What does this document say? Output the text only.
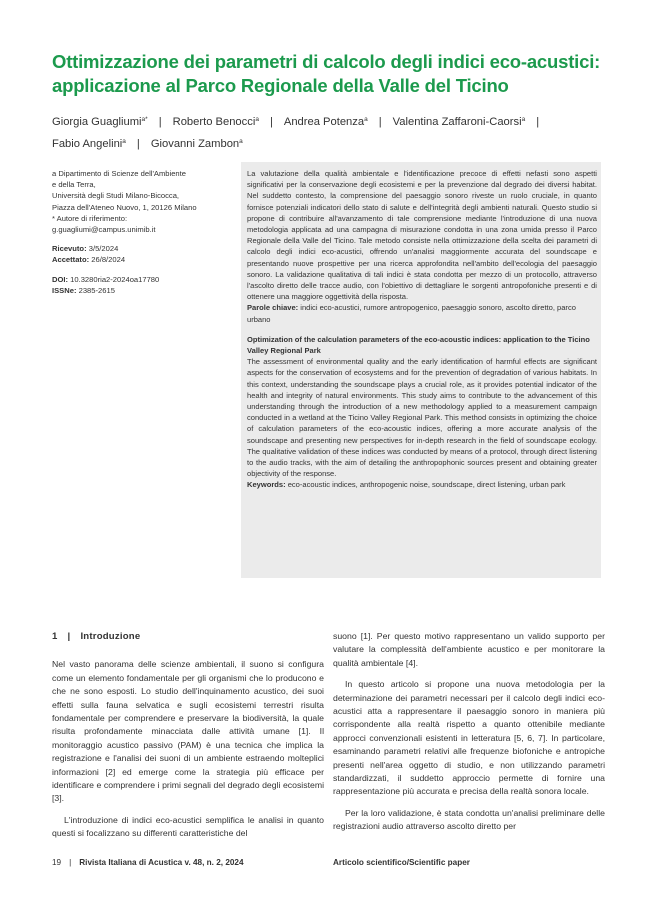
Ottimizzazione dei parametri di calcolo degli indici eco-acustici: applicazione al Parco Regionale della Valle del Ticino
Giorgia Guagliumi$^{a*}$ | Roberto Benocci$^a$ | Andrea Potenza$^a$ | Valentina Zaffaroni-Caorsi$^a$ |
Fabio Angelini$^a$ | Giovanni Zambon$^a$

a Dipartimento di Scienze dell'Ambiente

e della Terra,

Università degli Studi Milano-Bicocca,

Piazza dell'Ateneo Nuovo, 1, 20126 Milano

* Autore di riferimento:

g.guagliumi@campus.unimib.it

Ricevuto: 3/5/2024

Accettato: 26/8/2024

DOI: 10.3280ria2-2024oa17780

ISSNe: 2385-2615

La valutazione della qualità ambientale e l'identificazione precoce di effetti nefasti sono aspetti significativi per la conservazione degli ecosistemi e per la prevenzione dal degrado dei diversi habitat. Nel suddetto contesto, la comprensione del paesaggio sonoro riveste un ruolo cruciale, in quanto fornisce potenziali indicatori dello stato di salute e dell'integrità degli ambienti naturali. Questo studio si propone di contribuire all'avanzamento di tale comprensione mediante l'introduzione di una nuova metodologia applicata ad una campagna di misurazione condotta in una zona umida presso il Parco Regionale della Valle del Ticino. Tale metodo consiste nella ottimizzazione della scelta dei parametri di calcolo degli indici eco-acustici, offrendo un'analisi maggiormente accurata del soundscape e presentando nuove prospettive per una ricerca approfondita nell'ambito dell'ecologia del paesaggio sonoro. La validazione qualitativa di tali indici è stata condotta per mezzo di un protocollo, attraverso l'ascolto diretto delle tracce audio, con l'obiettivo di dettagliare le sorgenti antropofoniche presenti e di ottenere una maggiore oggettività della risposta.

Parole chiave: indici eco-acustici, rumore antropogenico, paesaggio sonoro, ascolto diretto, parco urbano

Optimization of the calculation parameters of the eco-acoustic indices: application to the Ticino Valley Regional Park

The assessment of environmental quality and the early identification of harmful effects are significant aspects for the conservation of ecosystems and for the prevention of degradation of various habitats. In this context, understanding the soundscape plays a crucial role, as it provides potential indicator of the health and integrity of natural environments. This study aims to contribute to the advancement of this understanding through the introduction of a new methodology applied to a measurement campaign conducted in a wetland at the Ticino Valley Regional Park. This method consists in optimizing the choice of calculation parameters of the eco-acoustic indices, offering a more accurate analysis of the soundscape and presenting new perspectives for in-depth research in the field of soundscape ecology. The qualitative validation of these indices was conducted by means of a protocol, through direct listening to the audio tracks, with the aim of detailing the anthropophonic sources present and obtaining greater objectivity of the response.

Keywords: eco-acoustic indices, anthropogenic noise, soundscape, direct listening, urban park

1 | Introduzione

Nel vasto panorama delle scienze ambientali, il suono si configura come un elemento fondamentale per gli organismi che lo producono e che ne sono esposti. Lo studio dell'inquinamento acustico, dei suoi effetti sulla fauna selvatica e sugli ecosistemi terrestri risulta fondamentale per comprendere e preservare la biodiversità, la quale risulta profondamente minacciata dalle attività umane [1]. Il monitoraggio acustico passivo (PAM) è una tecnica che implica la registrazione e l'analisi dei suoni di un ambiente estraendo molteplici informazioni [2] ed emerge come la strategia più efficace per identificare e comprendere i primi segnali del degrado degli ecosistemi [3].

L'introduzione di indici eco-acustici semplifica le analisi in quanto questi si focalizzano su differenti caratteristiche del

suono [1]. Per questo motivo rappresentano un valido supporto per valutare la complessità dell'ambiente acustico e per monitorare la qualità ambientale [4].

In questo articolo si propone una nuova metodologia per la determinazione dei parametri necessari per il calcolo degli indici eco-acustici atta a rappresentare il paesaggio sonoro in maniera più corrispondente alla realtà rispetto a quanto ottenibile mediante approcci convenzionali esistenti in letteratura [5, 6, 7]. In particolare, esaminando parametri relativi alle frequenze biofoniche e antropiche presenti nell'area oggetto di studio, e non utilizzando parametri standardizzati, il suddetto approccio permette di fornire una rappresentazione più accurata e precisa della realtà sonora locale.

Per la loro validazione, è stata condotta un'analisi preliminare delle registrazioni audio attraverso ascolto diretto per

19 | Rivista Italiana di Acustica v. 48, n. 2, 2024	Articolo scientifico/Scientific paper
